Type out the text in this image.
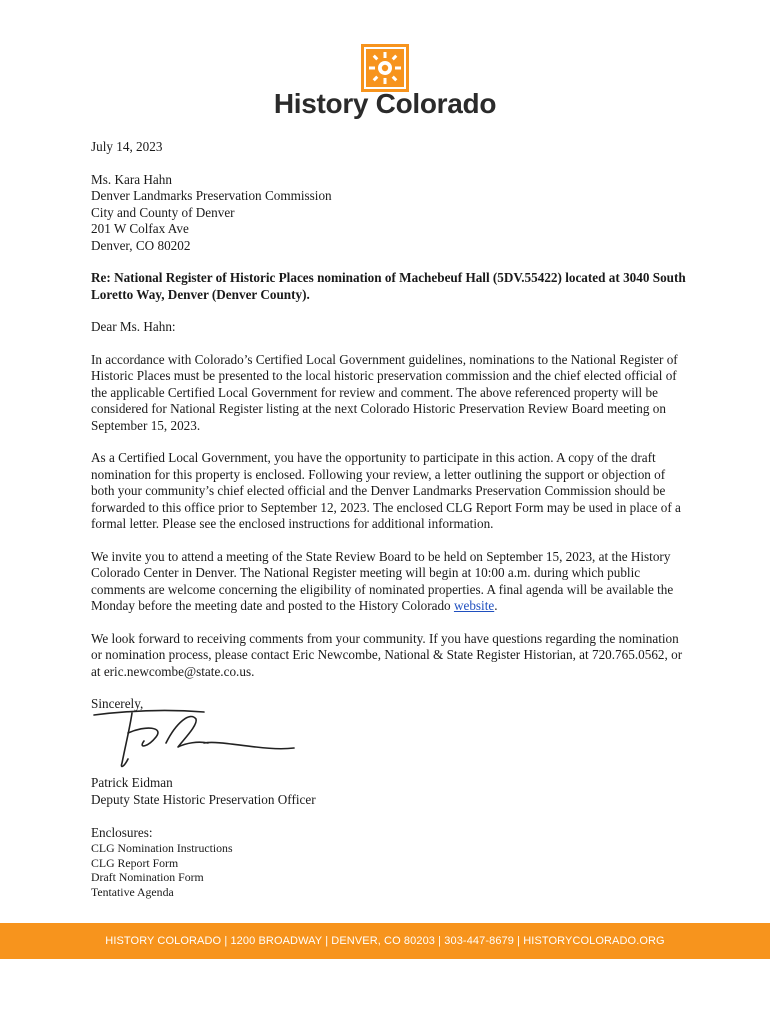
History Colorado

July 14, 2023

Ms. Kara Hahn

Denver Landmarks Preservation Commission

City and County of Denver

201 W Colfax Ave

Denver, CO 80202

Re: National Register of Historic Places nomination of Machebeuf Hall (5DV.55422) located at 3040 South Loretto Way, Denver (Denver County).

Dear Ms. Hahn:

In accordance with Colorado’s Certified Local Government guidelines, nominations to the National Register of Historic Places must be presented to the local historic preservation commission and the chief elected official of the applicable Certified Local Government for review and comment. The above referenced property will be considered for National Register listing at the next Colorado Historic Preservation Review Board meeting on September 15, 2023.

As a Certified Local Government, you have the opportunity to participate in this action. A copy of the draft nomination for this property is enclosed. Following your review, a letter outlining the support or objection of both your community’s chief elected official and the Denver Landmarks Preservation Commission should be forwarded to this office prior to September 12, 2023. The enclosed CLG Report Form may be used in place of a formal letter. Please see the enclosed instructions for additional information.

We invite you to attend a meeting of the State Review Board to be held on September 15, 2023, at the History Colorado Center in Denver. The National Register meeting will begin at 10:00 a.m. during which public comments are welcome concerning the eligibility of nominated properties. A final agenda will be available the Monday before the meeting date and posted to the History Colorado website.

We look forward to receiving comments from your community. If you have questions regarding the nomination or nomination process, please contact Eric Newcombe, National & State Register Historian, at 720.765.0562, or at eric.newcombe@state.co.us.

Sincerely,

Patrick Eidman

Deputy State Historic Preservation Officer

Enclosures:
CLG Nomination Instructions
CLG Report Form
Draft Nomination Form
Tentative Agenda
HISTORY COLORADO | 1200 BROADWAY | DENVER, CO 80203 | 303-447-8679 | HISTORYCOLORADO.ORG
